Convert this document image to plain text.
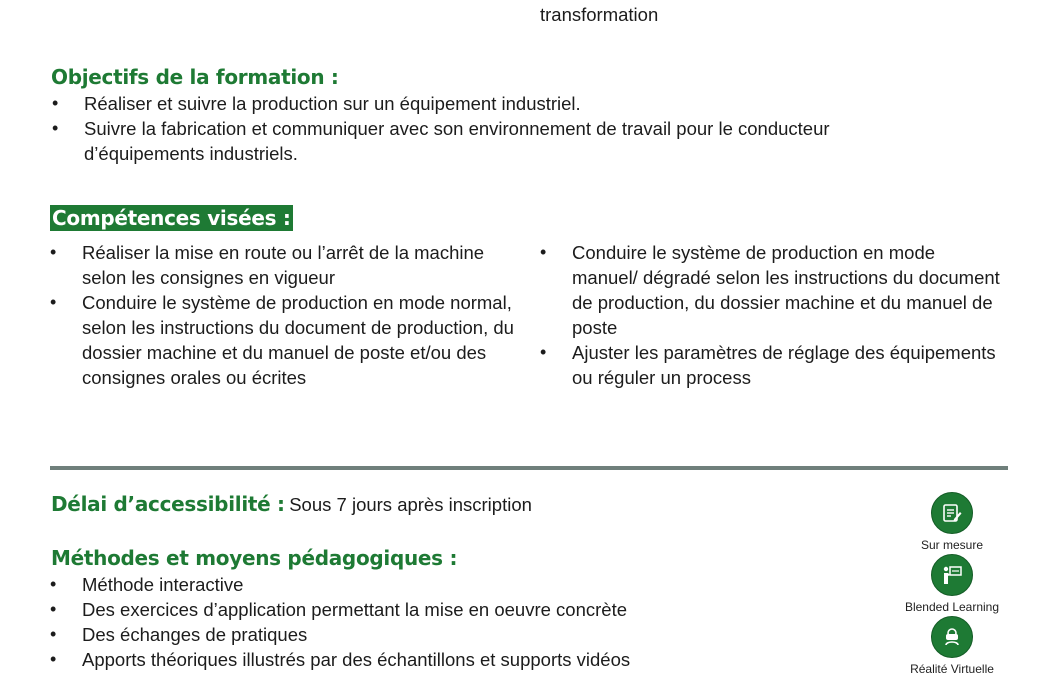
transformation
Objectifs de la formation :
• Réaliser et suivre la production sur un équipement industriel.
• Suivre la fabrication et communiquer avec son environnement de travail pour le conducteur d’équipements industriels.
Compétences visées :
• Réaliser la mise en route ou l’arrêt de la machine selon les consignes en vigueur
• Conduire le système de production en mode normal, selon les instructions du document de production, du dossier machine et du manuel de poste et/ou des consignes orales ou écrites
• Conduire le système de production en mode manuel/ dégradé selon les instructions du document de production, du dossier machine et du manuel de poste
• Ajuster les paramètres de réglage des équipements ou réguler un process
Délai d’accessibilité : Sous 7 jours après inscription
Méthodes et moyens pédagogiques :
• Méthode interactive
• Des exercices d’application permettant la mise en oeuvre concrète
• Des échanges de pratiques
• Apports théoriques illustrés par des échantillons et supports vidéos
Sur mesure
Blended Learning
Réalité Virtuelle
